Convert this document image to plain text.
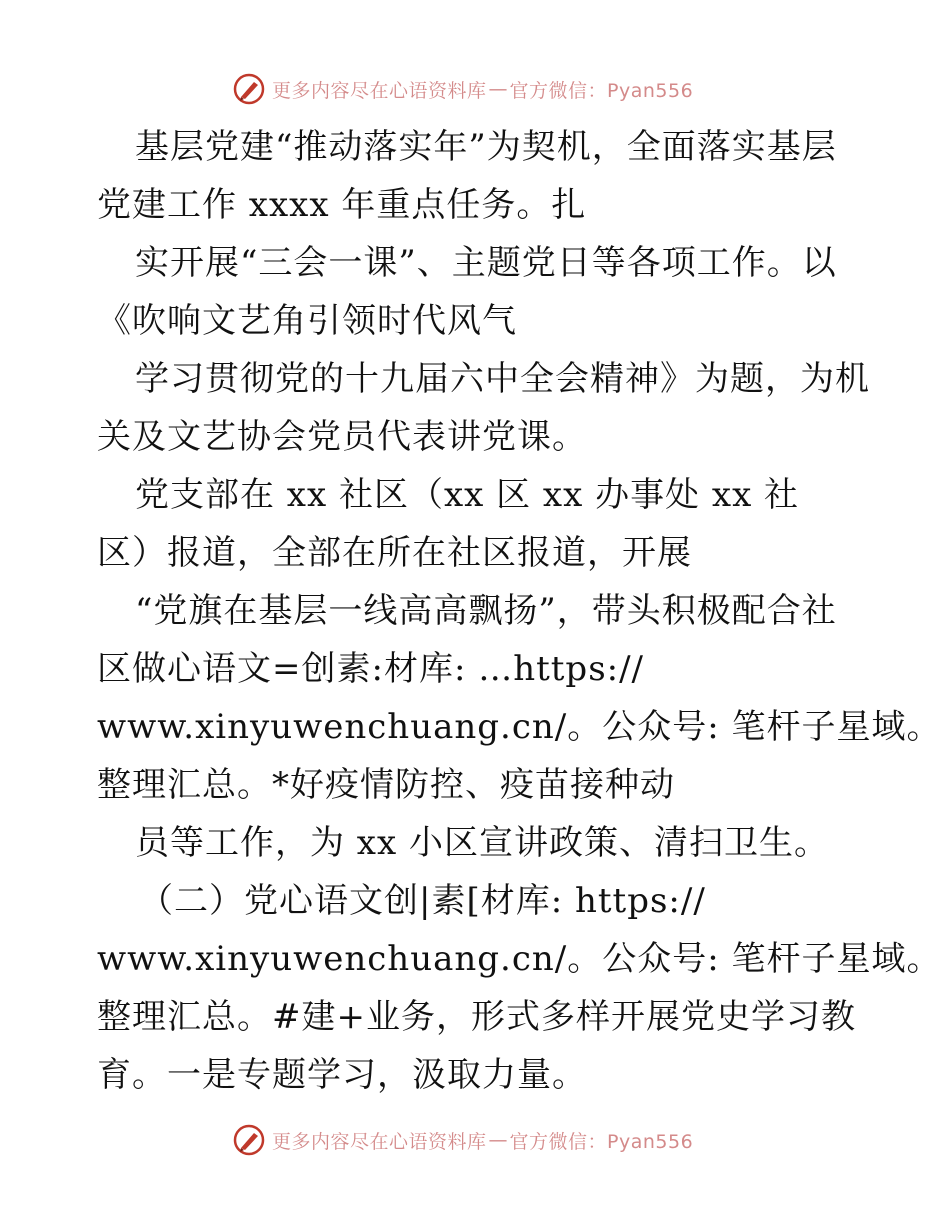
更多内容尽在心语资料库 — 官方微信：Pyan556
基层党建“推动落实年”为契机，全面落实基层
党建工作 xxxx 年重点任务。扎
实开展“三会一课”、主题党日等各项工作。以
《吹响文艺角引领时代风气
学习贯彻党的十九届六中全会精神》为题，为机
关及文艺协会党员代表讲党课。
党支部在 xx 社区（xx 区 xx 办事处 xx 社
区）报道，全部在所在社区报道，开展
“党旗在基层一线高高飘扬”，带头积极配合社
区做心语文=创素:材库: …https://
www.xinyuwenchuang.cn/。公众号: 笔杆子星域。
整理汇总。*好疫情防控、疫苗接种动
员等工作，为 xx 小区宣讲政策、清扫卫生。
（二）党心语文创|素[材库: https://
www.xinyuwenchuang.cn/。公众号: 笔杆子星域。
整理汇总。#建+业务，形式多样开展党史学习教
育。一是专题学习，汲取力量。
更多内容尽在心语资料库 — 官方微信：Pyan556
